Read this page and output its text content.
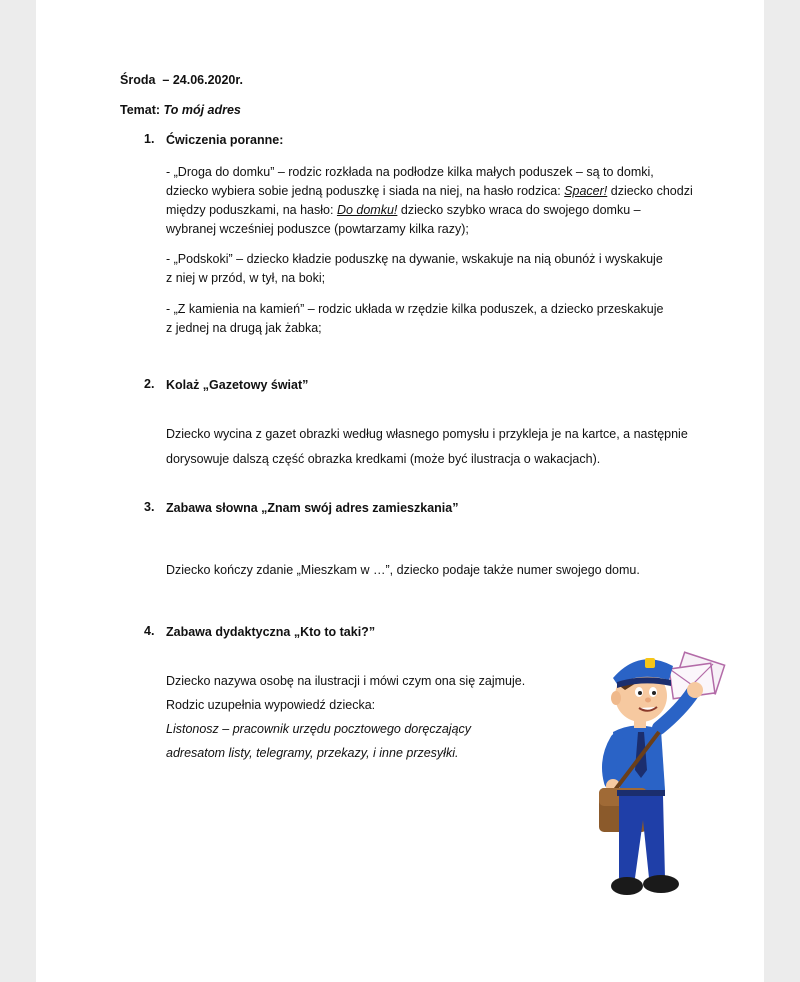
Środa – 24.06.2020r.
Temat: To mój adres
1. Ćwiczenia poranne:
- „Droga do domku” – rodzic rozkłada na podłodze kilka małych poduszek – są to domki,
dziecko wybiera sobie jedną poduszkę i siada na niej, na hasło rodzica: Spacer! dziecko chodzi
między poduszkami, na hasło: Do domku! dziecko szybko wraca do swojego domku –
wybranej wcześniej poduszce (powtarzamy kilka razy);
- „Podskoki” – dziecko kładzie poduszkę na dywanie, wskakuje na nią obunóż i wyskakuje
z niej w przód, w tył, na boki;
- „Z kamienia na kamień” – rodzic układa w rzędzie kilka poduszek, a dziecko przeskakuje
z jednej na drugą jak żabka;
2. Kolaż „Gazetowy świat”
Dziecko wycina z gazet obrazki według własnego pomysłu i przykleja je na kartce, a następnie
dorysowuje dalszą część obrazka kredkami (może być ilustracja o wakacjach).
3. Zabawa słowna „Znam swój adres zamieszkania”
Dziecko kończy zdanie „Mieszkam w …”, dziecko podaje także numer swojego domu.
4. Zabawa dydaktyczna „Kto to taki?”
Dziecko nazywa osobę na ilustracji i mówi czym ona się zajmuje.
Rodzic uzupełnia wypowiedź dziecka:
Listonosz – pracownik urzędu pocztowego doręczający
adresatom listy, telegramy, przekazy, i inne przesyłki.
